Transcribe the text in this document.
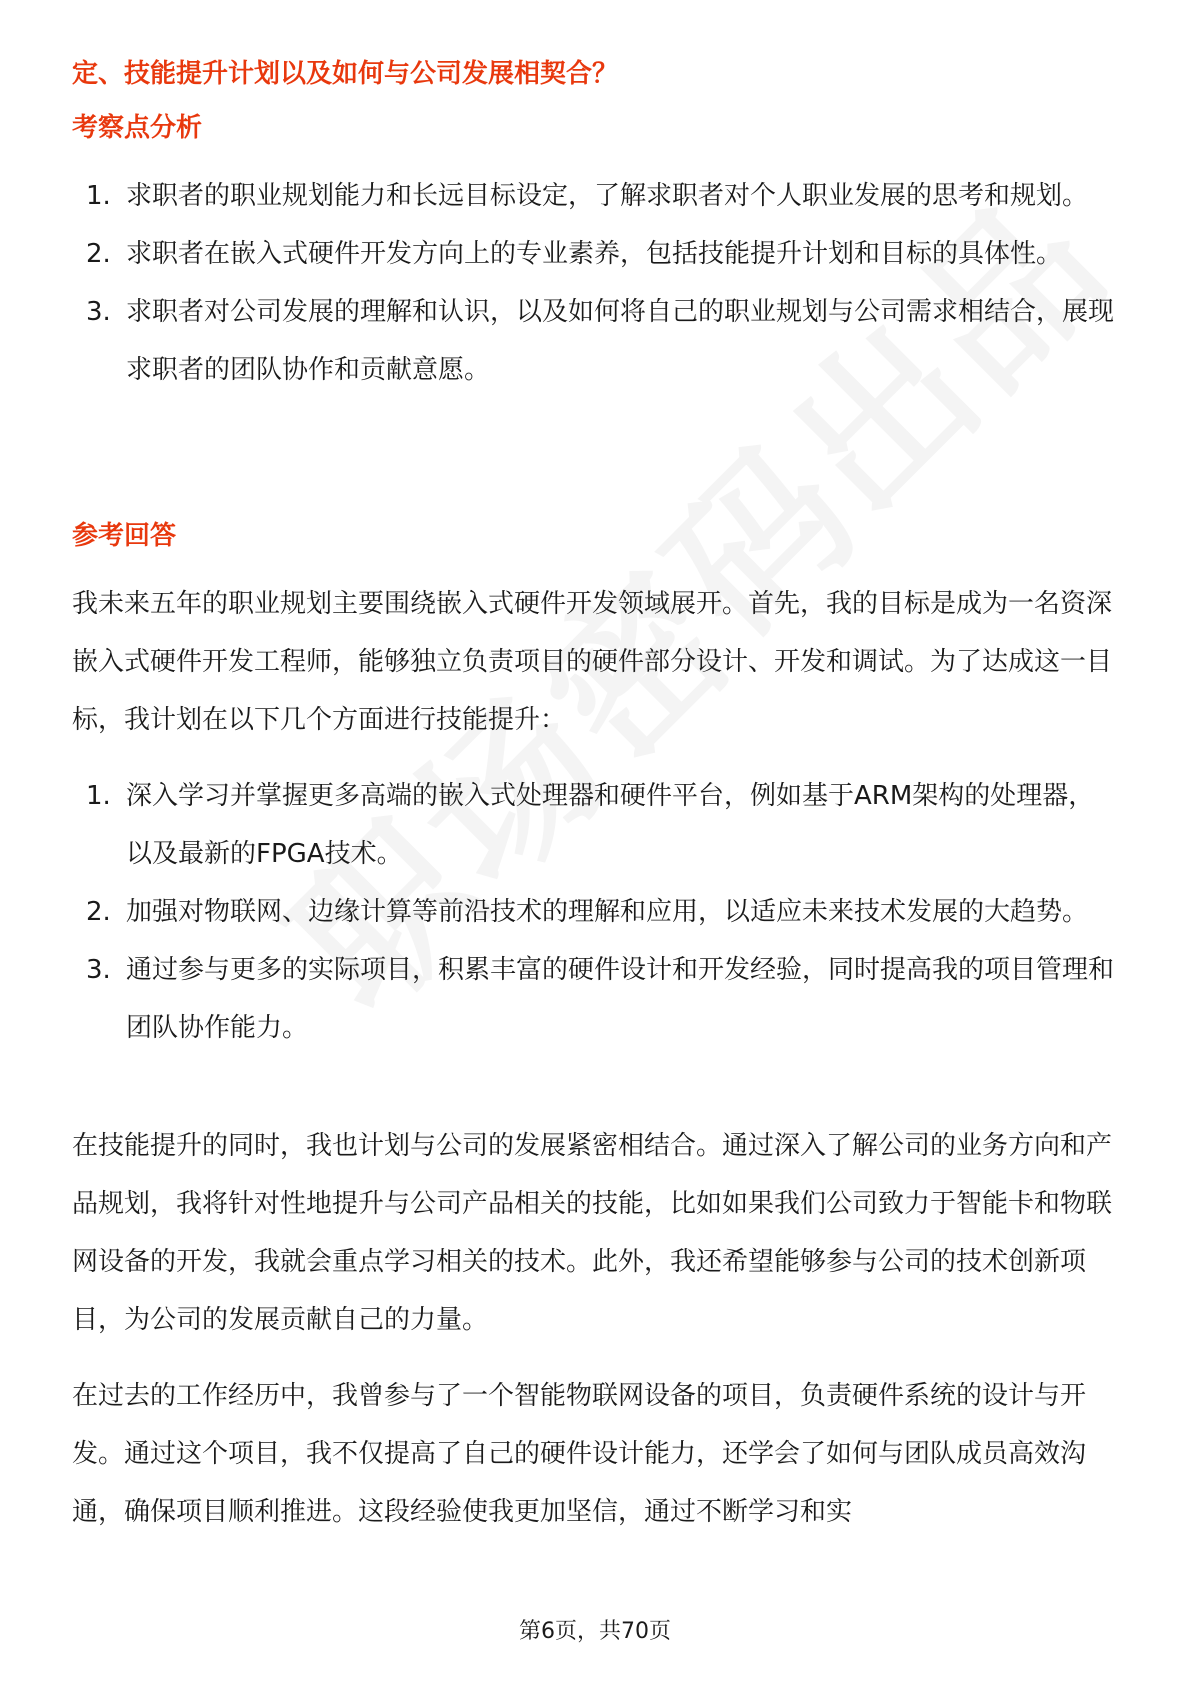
定、技能提升计划以及如何与公司发展相契合？
考察点分析
1. 求职者的职业规划能力和长远目标设定，了解求职者对个人职业发展的思考和规划。
2. 求职者在嵌入式硬件开发方向上的专业素养，包括技能提升计划和目标的具体性。
3. 求职者对公司发展的理解和认识，以及如何将自己的职业规划与公司需求相结合，展现求职者的团队协作和贡献意愿。
参考回答

我未来五年的职业规划主要围绕嵌入式硬件开发领域展开。首先，我的目标是成为一名资深嵌入式硬件开发工程师，能够独立负责项目的硬件部分设计、开发和调试。为了达成这一目标，我计划在以下几个方面进行技能提升：

1. 深入学习并掌握更多高端的嵌入式处理器和硬件平台，例如基于ARM架构的处理器，以及最新的FPGA技术。
2. 加强对物联网、边缘计算等前沿技术的理解和应用，以适应未来技术发展的大趋势。
3. 通过参与更多的实际项目，积累丰富的硬件设计和开发经验，同时提高我的项目管理和团队协作能力。

在技能提升的同时，我也计划与公司的发展紧密相结合。通过深入了解公司的业务方向和产品规划，我将针对性地提升与公司产品相关的技能，比如如果我们公司致力于智能卡和物联网设备的开发，我就会重点学习相关的技术。此外，我还希望能够参与公司的技术创新项目，为公司的发展贡献自己的力量。

在过去的工作经历中，我曾参与了一个智能物联网设备的项目，负责硬件系统的设计与开发。通过这个项目，我不仅提高了自己的硬件设计能力，还学会了如何与团队成员高效沟通，确保项目顺利推进。这段经验使我更加坚信，通过不断学习和实

第6页，共70页
